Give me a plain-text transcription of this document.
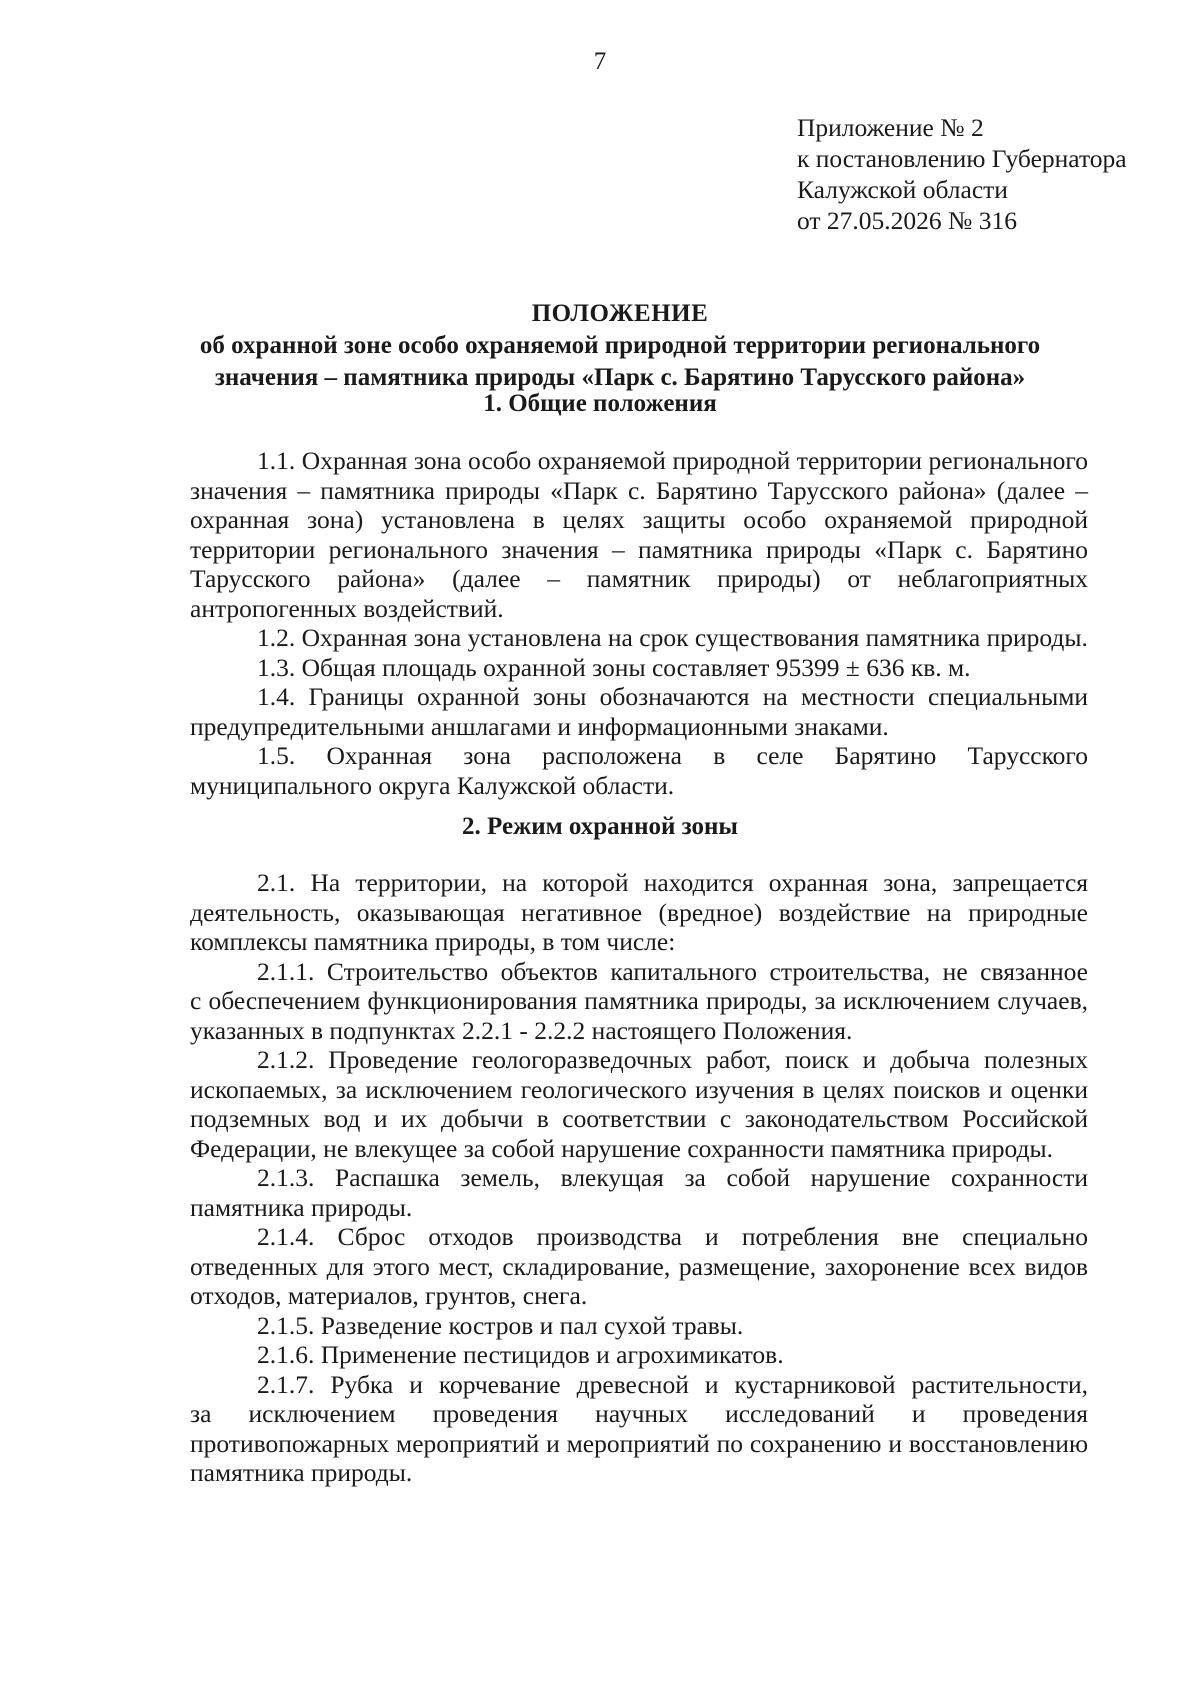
7
Приложение № 2
к постановлению Губернатора
Калужской области
от 27.05.2026 № 316
ПОЛОЖЕНИЕ
об охранной зоне особо охраняемой природной территории регионального
значения – памятника природы «Парк с. Барятино Тарусского района»
1. Общие положения

1.1. Охранная зона особо охраняемой природной территории регионального
значения – памятника природы «Парк с. Барятино Тарусского района» (далее –
охранная зона) установлена в целях защиты особо охраняемой природной
территории регионального значения – памятника природы «Парк с. Барятино
Тарусского района» (далее – памятник природы) от неблагоприятных
антропогенных воздействий.

1.2. Охранная зона установлена на срок существования памятника природы.

1.3. Общая площадь охранной зоны составляет 95399 ± 636 кв. м.

1.4. Границы охранной зоны обозначаются на местности специальными
предупредительными аншлагами и информационными знаками.

1.5. Охранная зона расположена в селе Барятино Тарусского
муниципального округа Калужской области.

2. Режим охранной зоны

2.1. На территории, на которой находится охранная зона, запрещается
деятельность, оказывающая негативное (вредное) воздействие на природные
комплексы памятника природы, в том числе:

2.1.1. Строительство объектов капитального строительства, не связанное
с обеспечением функционирования памятника природы, за исключением случаев,
указанных в подпунктах 2.2.1 - 2.2.2 настоящего Положения.

2.1.2. Проведение геологоразведочных работ, поиск и добыча полезных
ископаемых, за исключением геологического изучения в целях поисков и оценки
подземных вод и их добычи в соответствии с законодательством Российской
Федерации, не влекущее за собой нарушение сохранности памятника природы.

2.1.3. Распашка земель, влекущая за собой нарушение сохранности
памятника природы.

2.1.4. Сброс отходов производства и потребления вне специально
отведенных для этого мест, складирование, размещение, захоронение всех видов
отходов, материалов, грунтов, снега.

2.1.5. Разведение костров и пал сухой травы.

2.1.6. Применение пестицидов и агрохимикатов.

2.1.7. Рубка и корчевание древесной и кустарниковой растительности,
за исключением проведения научных исследований и проведения
противопожарных мероприятий и мероприятий по сохранению и восстановлению
памятника природы.
